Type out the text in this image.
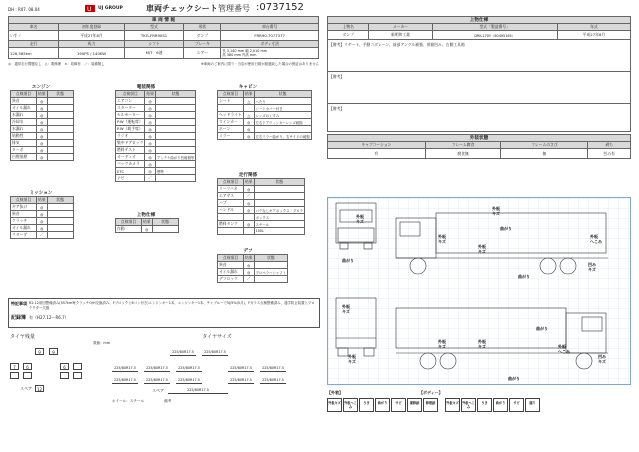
DH : R07. 08.04	U UJ GROUP	車両チェックシート 管理番号 :0737152
車 両 情 報				
車名	初年度登録	型式	形状	車台番号
いすゞ	平成27年8月	TKG-FRR90S1	ダンプ	FRR90-7077377
走行	馬力	シフト	ブレーキ	ボディ寸法
126,585km	190PS / 140KW	M/T　6速	エアー	長 3,140 mm 幅 2,010 mm
高 380 mm 内高 mm
◎：通常走行問題なし　△：要修理　×：故障有　／：装備無し	※車両のご案内に限り・当店が使用日数が経過致した場合の保証はありません
上物仕様			
上物名	メーカー	型式「製造番号」	年式
ダンプ	新明和工業	DRK-170Y（60495165）	平成27年8月
【備考】リゲート、手動コボレーン、前部アングル補強、荷箱凹み、右側工具箱			
【備考】			
【備考】			
外装状態			
キャブコーション	フレーム腐食	フレームのさび	剥ち
有	腐食無	無	凹み有
エンジン
点検項目	結果	状態
異音	◎	
オイル漏れ	◎	
水漏れ	◎	
冷却水	◎	
水漏れ	◎	
始動性	◎	
排気	◎	
ターボ	◎	
白煙黒煙	◎	
ミッション
点検項目	結果	状態
ギア抜け	◎	
異音	◎	
クラッチ	◎	
オイル漏れ	◎	
リターダ	／	
電装関係
点検項目	結果	状態
エアコン	◎	
スターター	◎	
セルモーター	◎	
P.W（運転席）	◎	
P.W（助手席）	◎	
ラジオ	◎	
集中ドアロック	◎	
燃料テスト	◎	
オーディオ	◎	アンテナ曲がり凹破損等
バックカメラ	◎	
ETC	◎	標準
ナビ	／	
上物仕様
点検項目	結果	状態
作動	◎	
キャビン
点検項目	結果	状態
シート	△	へたり
		シートカバー付き
ヘッドライト	△	レンズのくすみ
ウインカー	◎	左右ドアウィンカーレンズ破損
ホーン	◎	
ミラー	◎	左右ミラー曲がり、右サイドの破損
走行関係
点検項目	結果	状態
リーフバネ	◎	
エアサス	／	
ハブ	◎	
ハンドル	◎	パテなしギアボックス　プロテ
		ボックス
燃料タンク	◎	スチール
		100L
デフ
点検項目	結果	状態
異音	◎	
オイル漏れ	◎	プロペラーシャフト
デフロック	／	
特記事項 R2.12前回整備済み(557km毎クラッチO/H交換済み、Fブロックと6コン付き)エンジンキー1本、エンジンキー1本、チャブルーで5J/5%(5月)、Fガラス点検整備済み、通学防止装置とプロテクター欠損
記録簿 有（H27.12〜R6.7）
タイヤ残量
数値：mm
9	9
7	6	6
スペア	12
タイヤサイズ
225/80R17.5	225/80R17.5
225/80R17.5	225/80R17.5	225/80R17.5	225/80R17.5	225/80R17.5
225/80R17.5	225/80R17.5	225/80R17.5	225/80R17.5	225/80R17.5
スペア	225/80R17.5
ホイール：スチール	備考
外板
キズ
外板
キズ
曲がり
曲がり
外板
キズ
外板
キズ
外板
へこみ
凹み
キズ
曲がり
外板
キズ
曲がり
外板
キズ
外板
キズ	外板
へこみ
外板
キズ
凹み
キズ
曲がり
【外装】	【ボディー】
外板キズ	外板へこみ
うき	曲がり	サビ	補修跡	修理跡	外板キズ	外板へこみ
うき	曲がり	サビ	腐り
